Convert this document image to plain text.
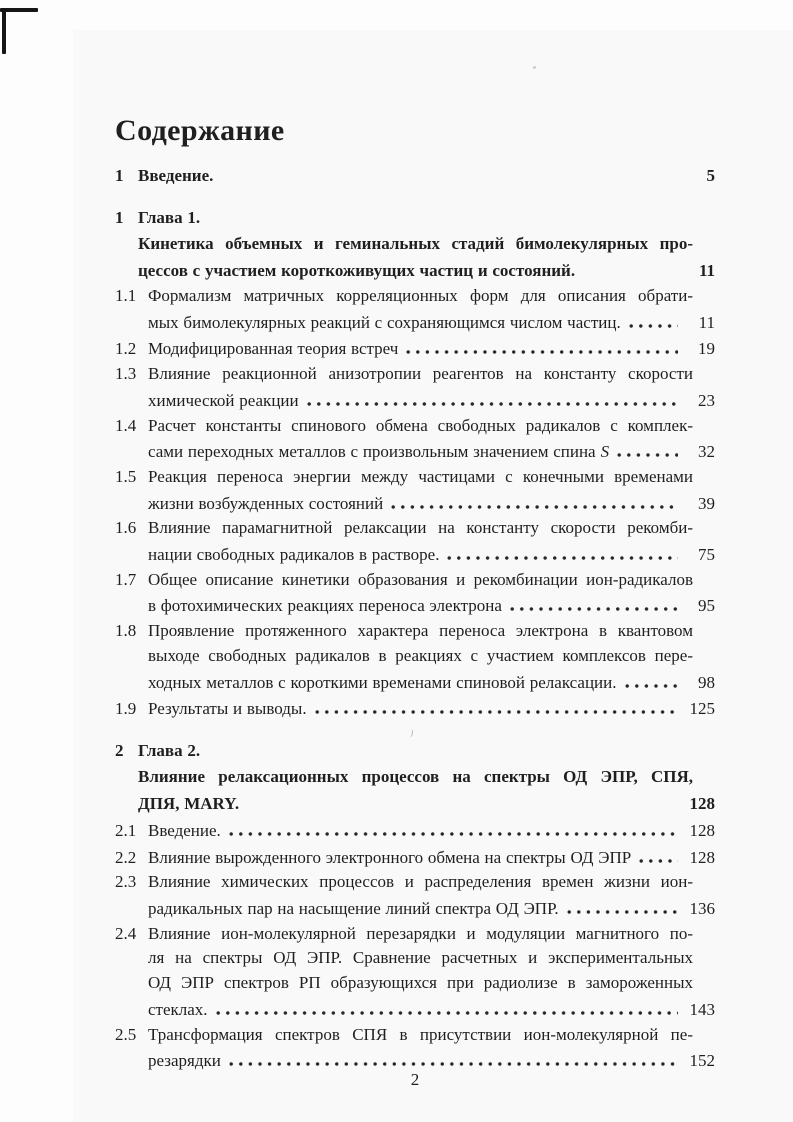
Содержание
1 Введение.	5
1 Глава 1.
Кинетика объемных и геминальных стадий бимолекулярных про-
цессов с участием короткоживущих частиц и состояний.	11
1.1 Формализм матричных корреляционных форм для описания обрати-
мых бимолекулярных реакций с сохраняющимся числом частиц.	11
1.2 Модифицированная теория встреч	19
1.3 Влияние реакционной анизотропии реагентов на константу скорости
химической реакции	23
1.4 Расчет константы спинового обмена свободных радикалов с комплек-
сами переходных металлов с произвольным значением спина S	32
1.5 Реакция переноса энергии между частицами с конечными временами
жизни возбужденных состояний	39
1.6 Влияние парамагнитной релаксации на константу скорости рекомби-
нации свободных радикалов в растворе.	75
1.7 Общее описание кинетики образования и рекомбинации ион-радикалов
в фотохимических реакциях переноса электрона	95
1.8 Проявление протяженного характера переноса электрона в квантовом
выходе свободных радикалов в реакциях с участием комплексов пере-
ходных металлов с короткими временами спиновой релаксации.	98
1.9 Результаты и выводы.	125
2 Глава 2.
Влияние релаксационных процессов на спектры ОД ЭПР, СПЯ,
ДПЯ, MARY.	128
2.1 Введение.	128
2.2 Влияние вырожденного электронного обмена на спектры ОД ЭПР	128
2.3 Влияние химических процессов и распределения времен жизни ион-
радикальных пар на насыщение линий спектра ОД ЭПР.	136
2.4 Влияние ион-молекулярной перезарядки и модуляции магнитного по-
ля на спектры ОД ЭПР. Сравнение расчетных и экспериментальных
ОД ЭПР спектров РП образующихся при радиолизе в замороженных
стеклах.	143
2.5 Трансформация спектров СПЯ в присутствии ион-молекулярной пе-
резарядки	152
2
